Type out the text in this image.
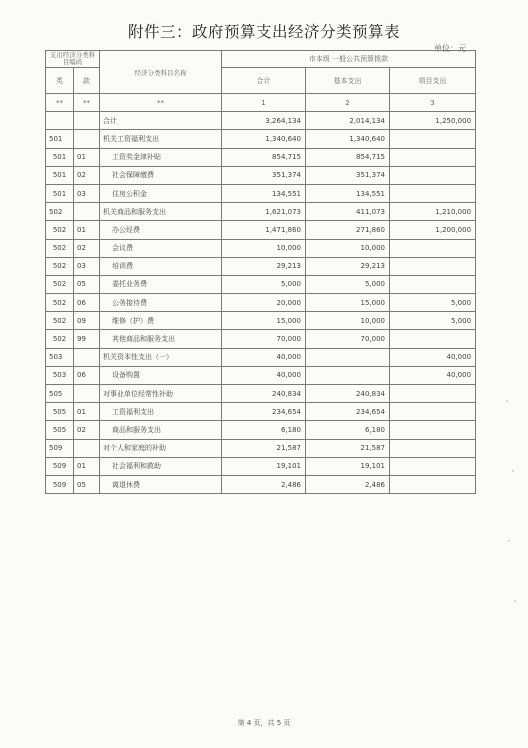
附件三：政府预算支出经济分类预算表
单位：元
支出经济分类科目编码		经济分类科目名称	市本级 一般公共预算拨款		
类	款		合计	基本支出	项目支出
**	**	**	1	2	3
		合计	3,264,134	2,014,134	1,250,000
501		机关工资福利支出	1,340,640	1,340,640	
501	01	工资奖金津补贴	854,715	854,715	
501	02	社会保障缴费	351,374	351,374	
501	03	住房公积金	134,551	134,551	
502		机关商品和服务支出	1,621,073	411,073	1,210,000
502	01	办公经费	1,471,860	271,860	1,200,000
502	02	会议费	10,000	10,000	
502	03	培训费	29,213	29,213	
502	05	委托业务费	5,000	5,000	
502	06	公务接待费	20,000	15,000	5,000
502	09	维修（护）费	15,000	10,000	5,000
502	99	其他商品和服务支出	70,000	70,000	
503		机关资本性支出（一）	40,000		40,000
503	06	设备购置	40,000		40,000
505		对事业单位经常性补助	240,834	240,834	
505	01	工资福利支出	234,654	234,654	
505	02	商品和服务支出	6,180	6,180	
509		对个人和家庭的补助	21,587	21,587	
509	01	社会福利和救助	19,101	19,101	
509	05	离退休费	2,486	2,486	
第 4 页，共 5 页
